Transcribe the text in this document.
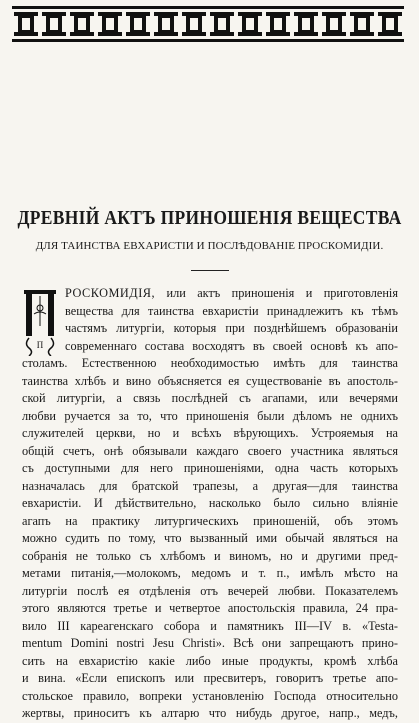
ДРЕВНІЙ АКТЪ ПРИНОШЕНІЯ ВЕЩЕСТВА

ДЛЯ ТАИНСТВА ЕВХАРИСТІИ И ПОСЛѢДОВАНІЕ ПРОСКОМИДІИ.

П
РОСКОМИДІЯ, или актъ приношенія и приготовленія
вещества для таинства евхаристіи принадлежитъ къ тѣмъ
частямъ литургіи, которыя при позднѣйшемъ образованіи
современнаго состава восходятъ въ своей основѣ къ апо-
столамъ. Естественною необходимостью имѣть для таинства
таинства хлѣбъ и вино объясняется ея существованіе въ апостоль-
ской литургіи, а связь послѣдней съ агапами, или вечерями
любви ручается за то, что приношенія были дѣломъ не однихъ
служителей церкви, но и всѣхъ вѣрующихъ. Устрояемыя на
общій счетъ, онѣ обязывали каждаго своего участника являться
съ доступными для него приношеніями, одна часть которыхъ
назначалась для братской трапезы, а другая—для таинства
евхаристіи. И дѣйствительно, насколько было сильно вліяніе
агапъ на практику литургическихъ приношеній, объ этомъ
можно судить по тому, что вызванный ими обычай являться на
собранія не только съ хлѣбомъ и виномъ, но и другими пред-
метами питанія,—молокомъ, медомъ и т. п., имѣлъ мѣсто на
литургіи послѣ ея отдѣленія отъ вечерей любви. Показателемъ
этого являются третье и четвертое апостольскія правила, 24 пра-
вило III кареагенскаго собора и памятникъ III—IV в. «Testa-
mentum Domini nostri Jesu Christi». Всѣ они запрещаютъ прино-
сить на евхаристію какіе либо иные продукты, кромѣ хлѣба
и вина. «Если епископъ или пресвитеръ, говоритъ третье апо-
стольское правило, вопреки установленію Господа относительно
жертвы, приноситъ къ алтарю что нибудь другое, напр., медъ,
